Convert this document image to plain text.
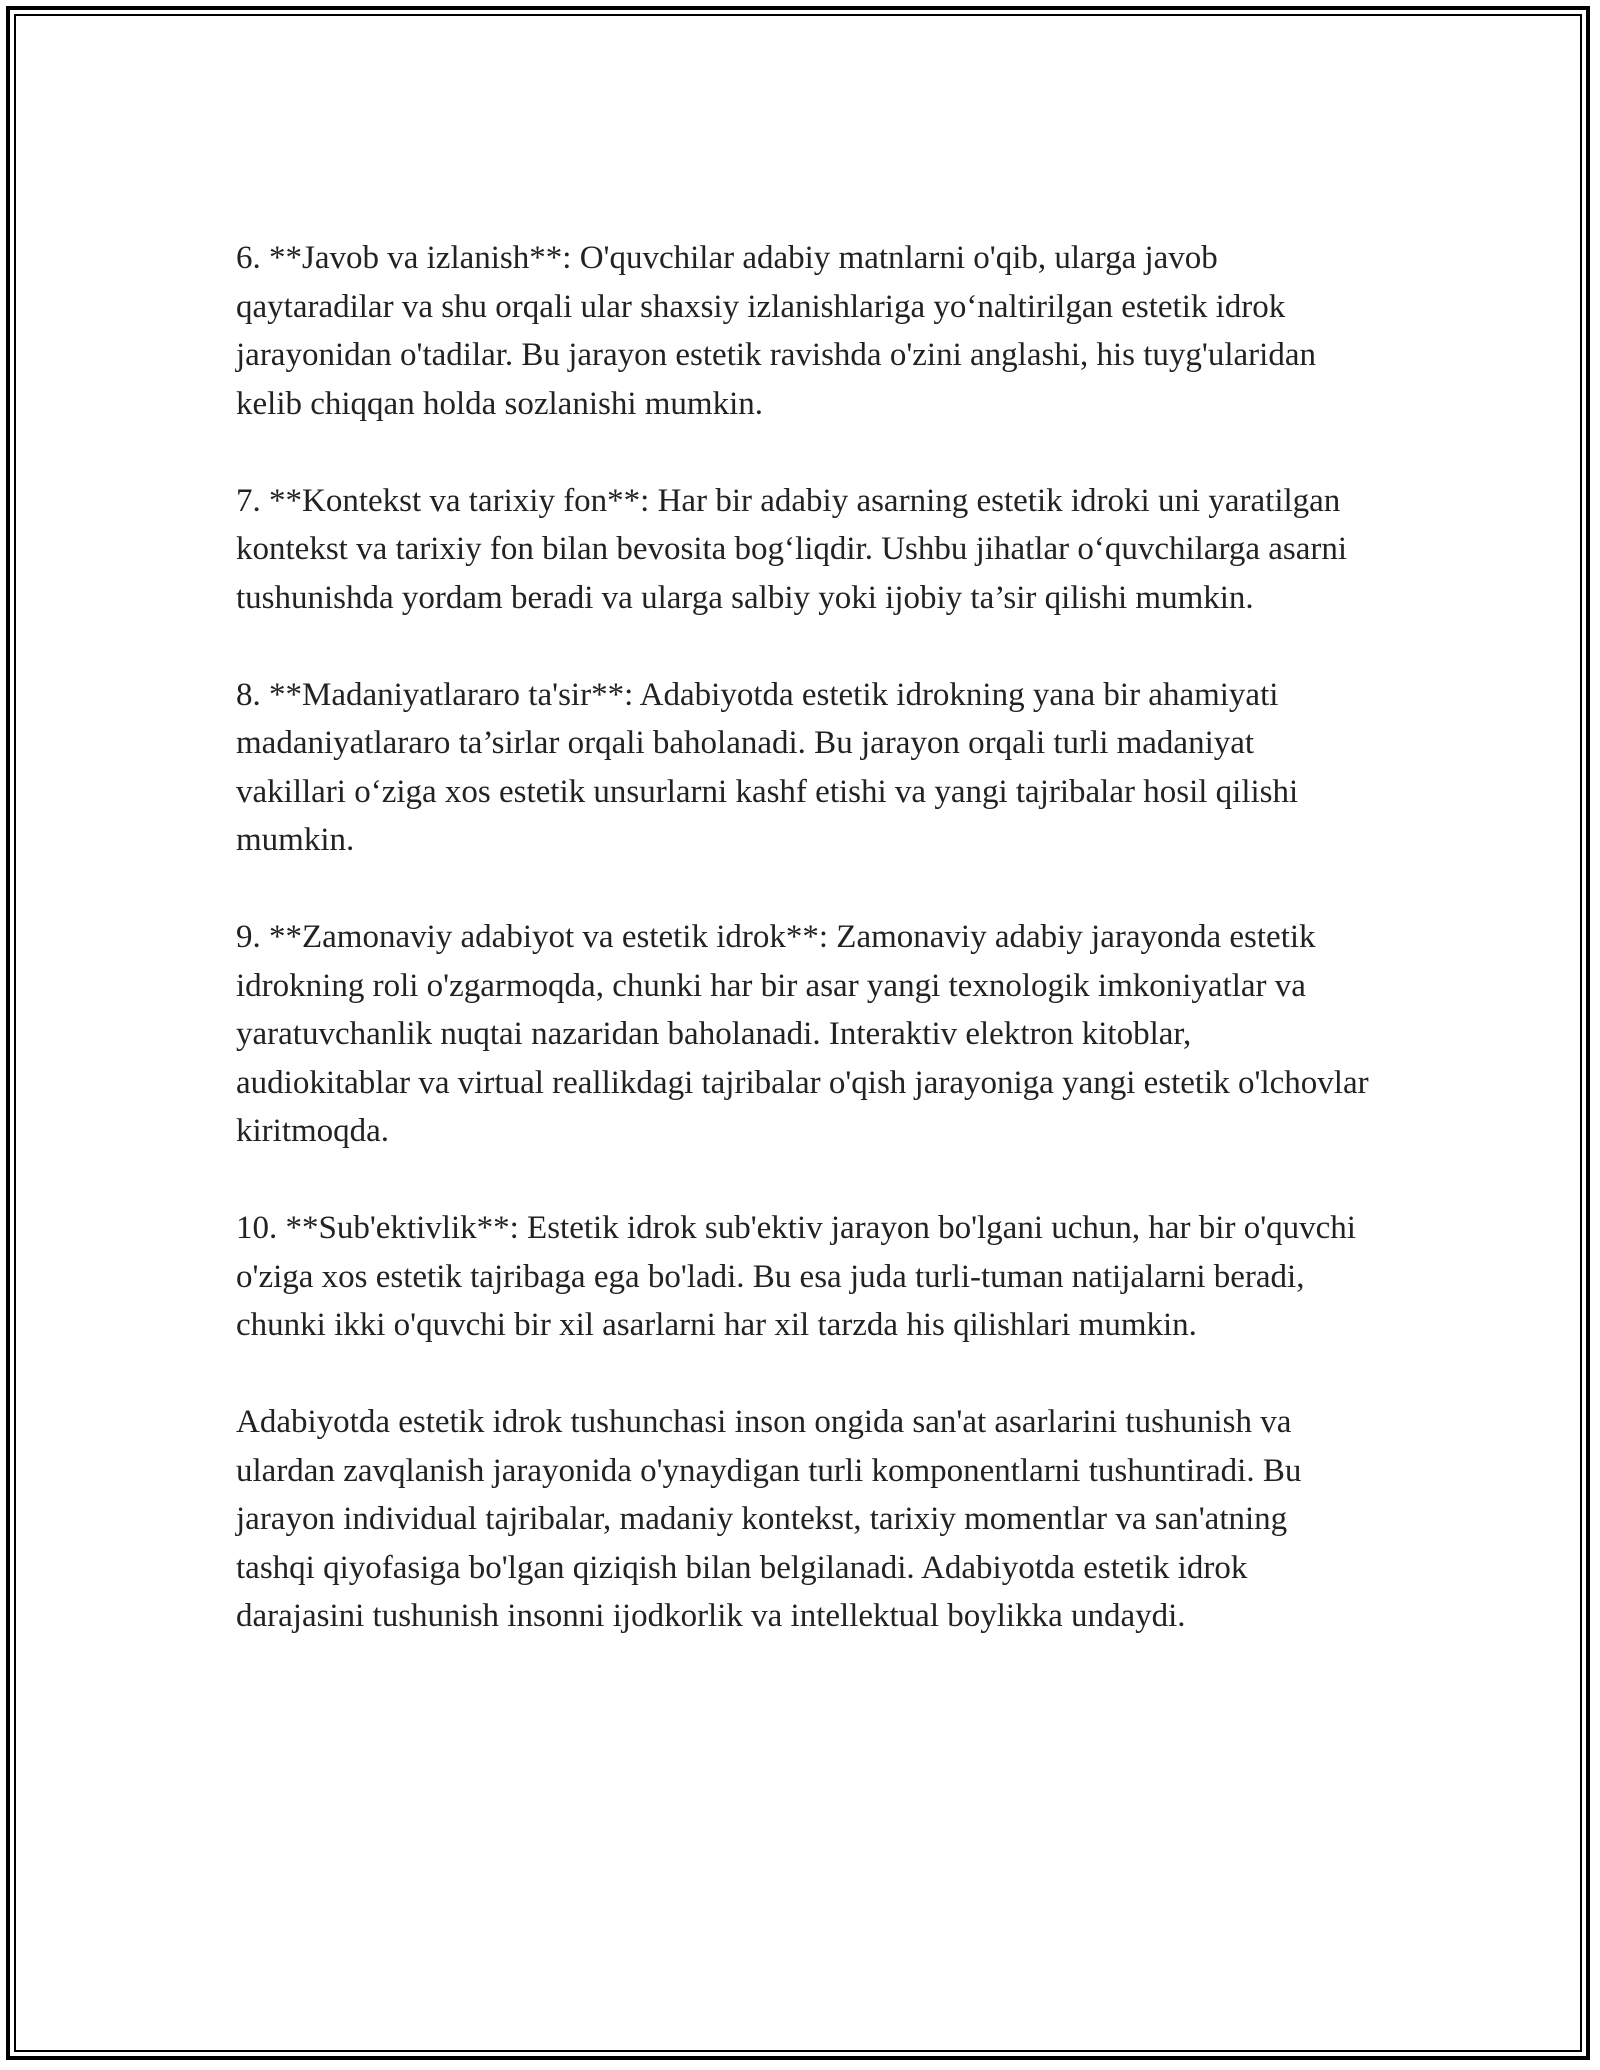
6. **Javob va izlanish**: O'quvchilar adabiy matnlarni o'qib, ularga javob qaytaradilar va shu orqali ular shaxsiy izlanishlariga yo‘naltirilgan estetik idrok jarayonidan o'tadilar. Bu jarayon estetik ravishda o'zini anglashi, his tuyg'ularidan kelib chiqqan holda sozlanishi mumkin.

7. **Kontekst va tarixiy fon**: Har bir adabiy asarning estetik idroki uni yaratilgan kontekst va tarixiy fon bilan bevosita bog‘liqdir. Ushbu jihatlar o‘quvchilarga asarni tushunishda yordam beradi va ularga salbiy yoki ijobiy ta’sir qilishi mumkin.

8. **Madaniyatlararo ta'sir**: Adabiyotda estetik idrokning yana bir ahamiyati madaniyatlararo ta’sirlar orqali baholanadi. Bu jarayon orqali turli madaniyat vakillari o‘ziga xos estetik unsurlarni kashf etishi va yangi tajribalar hosil qilishi mumkin.

9. **Zamonaviy adabiyot va estetik idrok**: Zamonaviy adabiy jarayonda estetik idrokning roli o'zgarmoqda, chunki har bir asar yangi texnologik imkoniyatlar va yaratuvchanlik nuqtai nazaridan baholanadi. Interaktiv elektron kitoblar, audiokitablar va virtual reallikdagi tajribalar o'qish jarayoniga yangi estetik o'lchovlar kiritmoqda.

10. **Sub'ektivlik**: Estetik idrok sub'ektiv jarayon bo'lgani uchun, har bir o'quvchi o'ziga xos estetik tajribaga ega bo'ladi. Bu esa juda turli-tuman natijalarni beradi, chunki ikki o'quvchi bir xil asarlarni har xil tarzda his qilishlari mumkin.

Adabiyotda estetik idrok tushunchasi inson ongida san'at asarlarini tushunish va ulardan zavqlanish jarayonida o'ynaydigan turli komponentlarni tushuntiradi. Bu jarayon individual tajribalar, madaniy kontekst, tarixiy momentlar va san'atning tashqi qiyofasiga bo'lgan qiziqish bilan belgilanadi. Adabiyotda estetik idrok darajasini tushunish insonni ijodkorlik va intellektual boylikka undaydi.
